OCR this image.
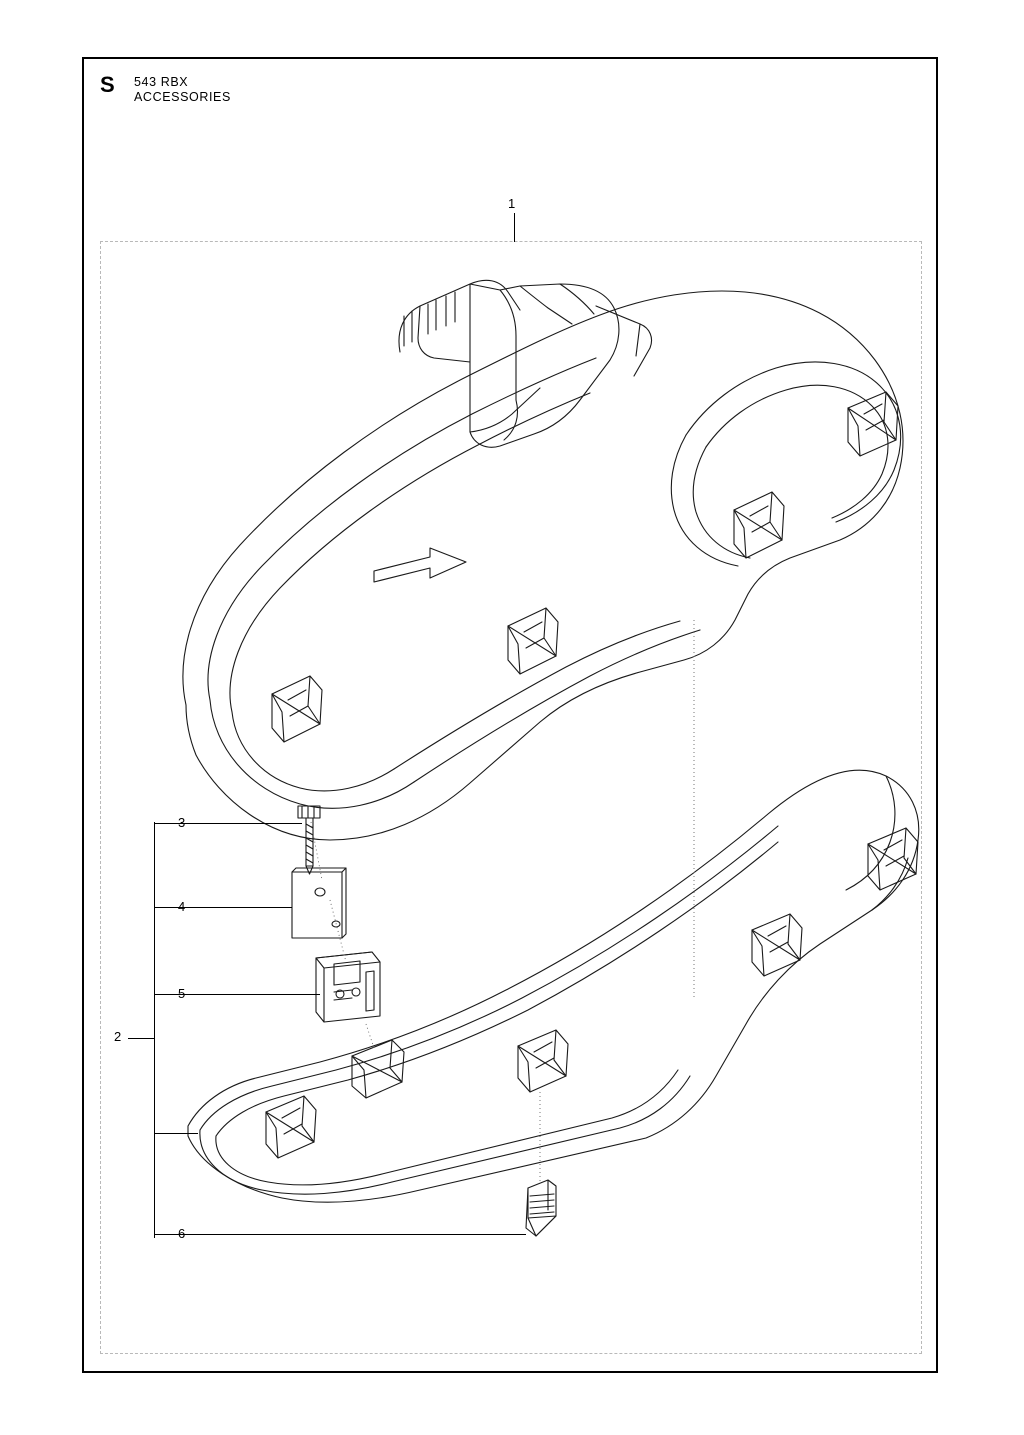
S	543 RBX
ACCESSORIES
1
2
